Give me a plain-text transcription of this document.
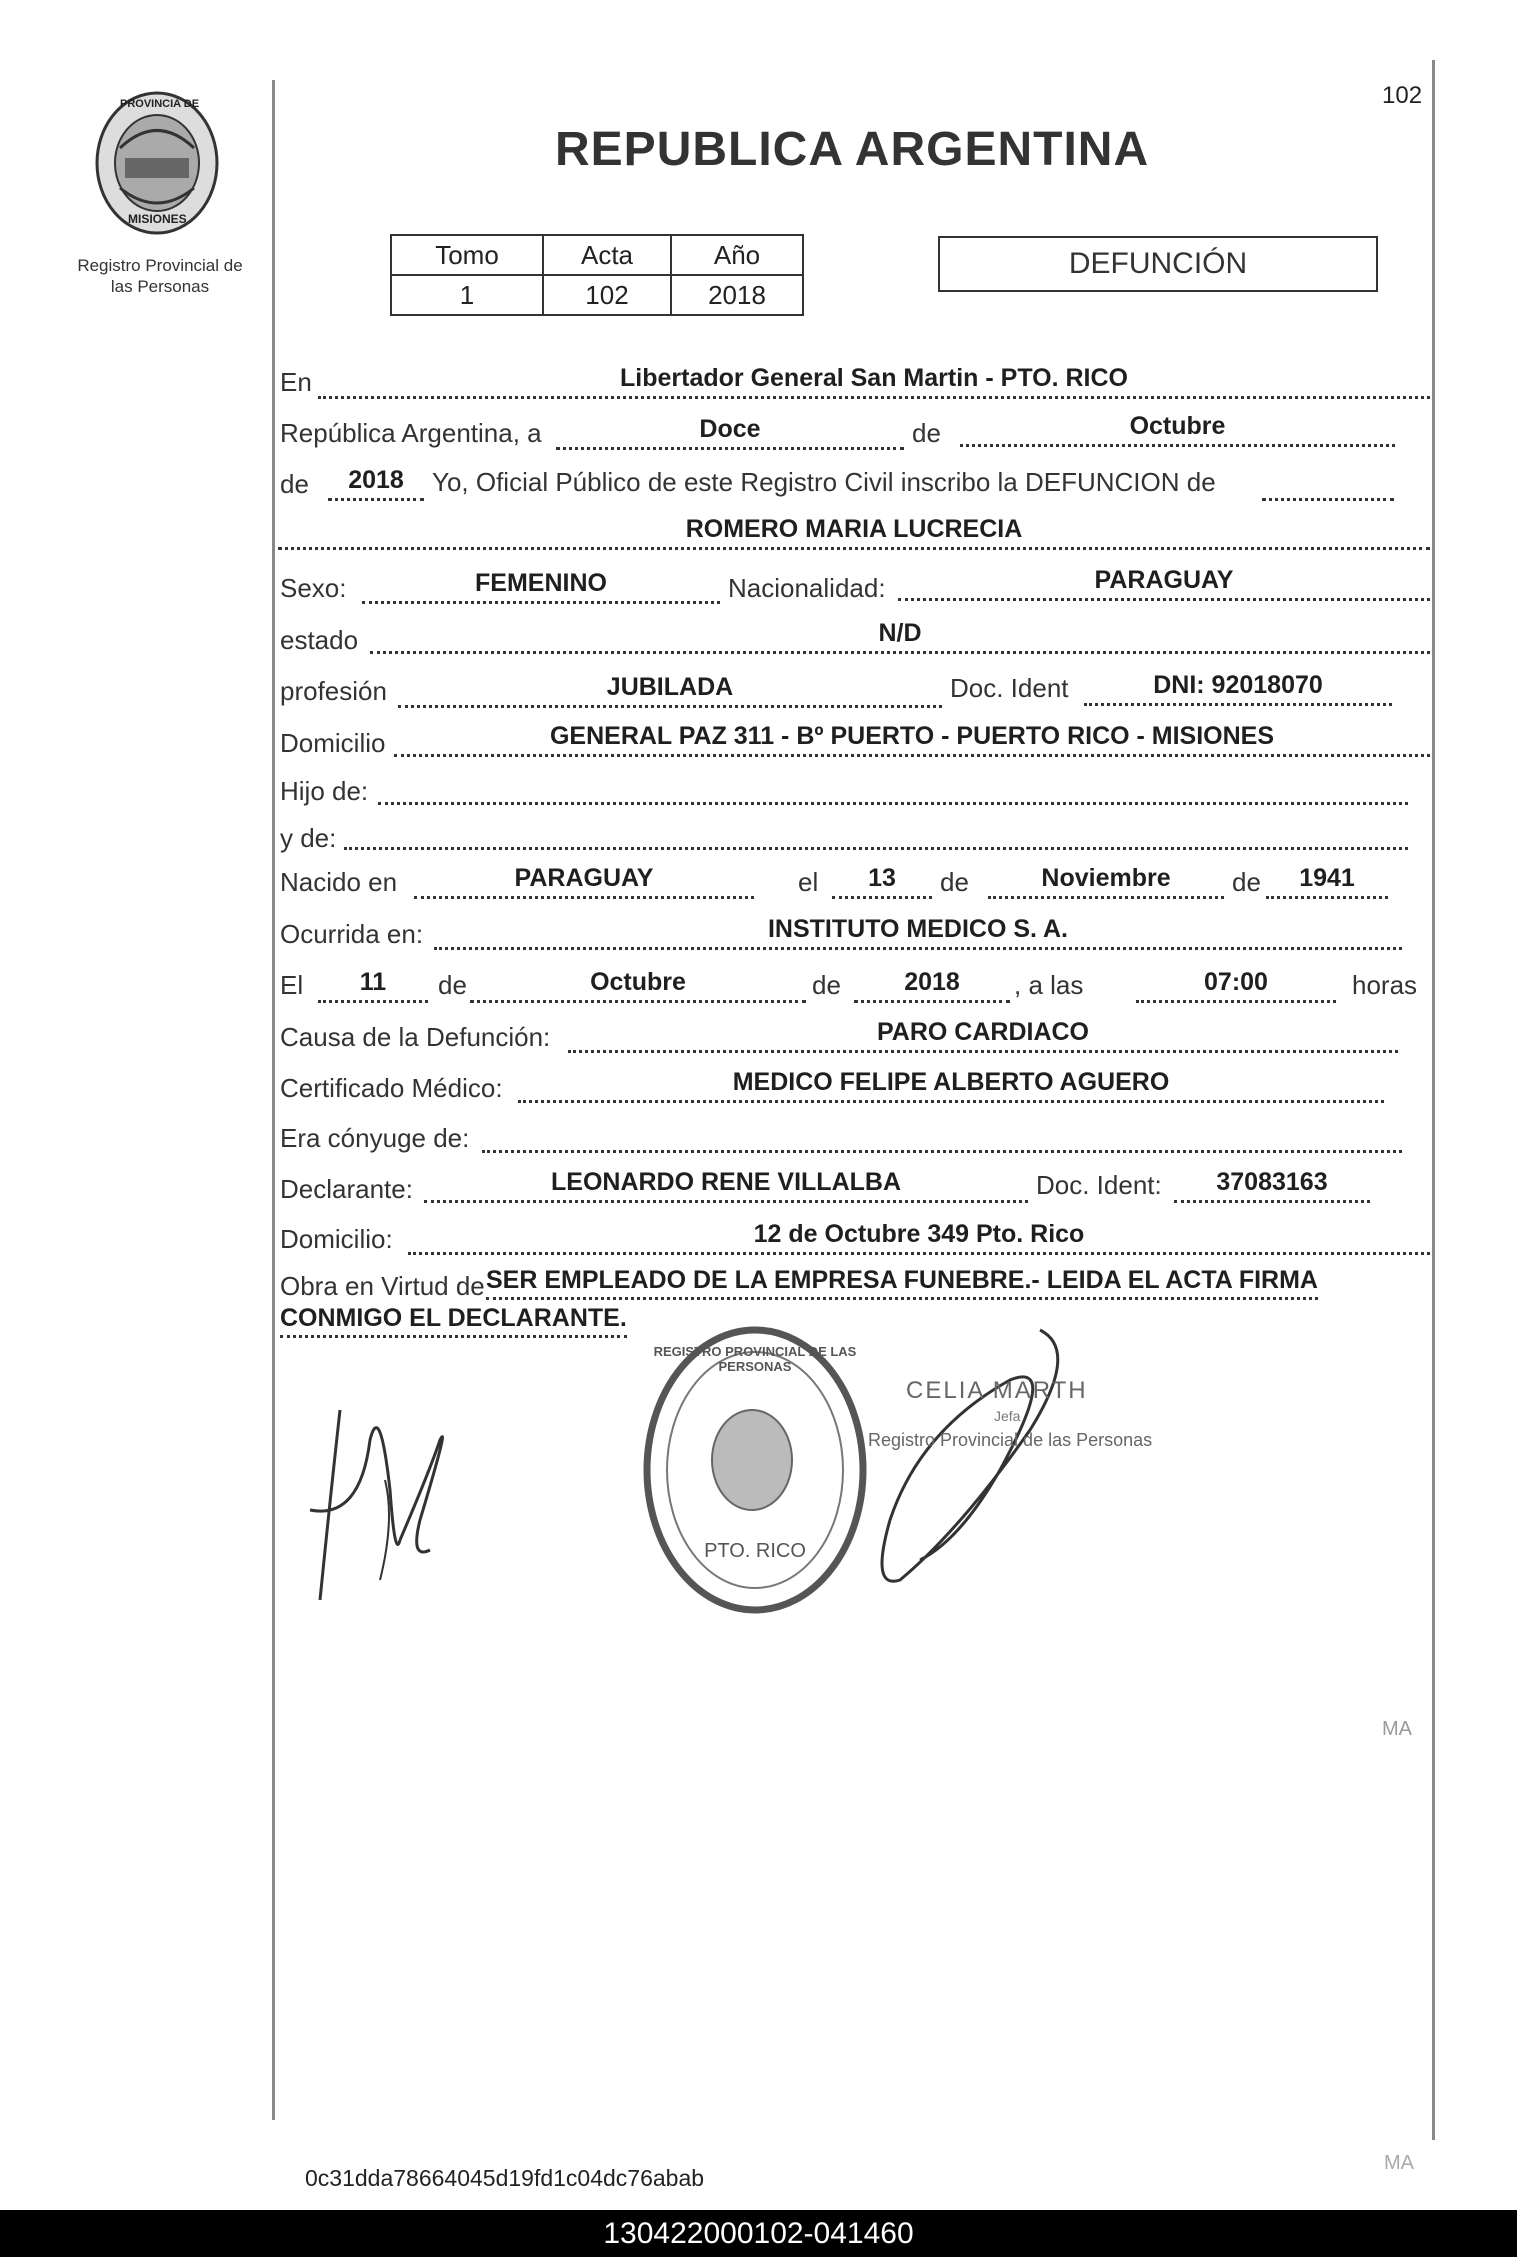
102
PROVINCIA DE
MISIONES
Registro Provincial de
las Personas
REPUBLICA ARGENTINA
Tomo	Acta	Año
1	102	2018
DEFUNCIÓN
En	Libertador General San Martin - PTO. RICO
República Argentina, a	Doce	de	Octubre
de	2018	Yo, Oficial Público de este Registro Civil inscribo la DEFUNCION de
ROMERO MARIA LUCRECIA
Sexo:	FEMENINO	Nacionalidad:	PARAGUAY
estado	N/D
profesión	JUBILADA	Doc. Ident	DNI: 92018070
Domicilio	GENERAL PAZ 311 - Bº PUERTO - PUERTO RICO - MISIONES
Hijo de:
y de:
Nacido en	PARAGUAY	el	13	de	Noviembre	de	1941
Ocurrida en:	INSTITUTO MEDICO S. A.
El	11	de	Octubre	de	2018	, a las	07:00	horas
Causa de la Defunción:	PARO CARDIACO
Certificado Médico:	MEDICO FELIPE ALBERTO AGUERO
Era cónyuge de:
Declarante:	LEONARDO RENE VILLALBA	Doc. Ident:	37083163
Domicilio:	12 de Octubre 349 Pto. Rico
Obra en Virtud de SER EMPLEADO DE LA EMPRESA FUNEBRE.- LEIDA EL ACTA FIRMA
CONMIGO EL DECLARANTE.
REGISTRO PROVINCIAL DE LAS PERSONAS
PTO. RICO
CELIA MARTH
Jefa
Registro Provincial de las Personas
MA
MA
0c31dda78664045d19fd1c04dc76abab
130422000102-041460
